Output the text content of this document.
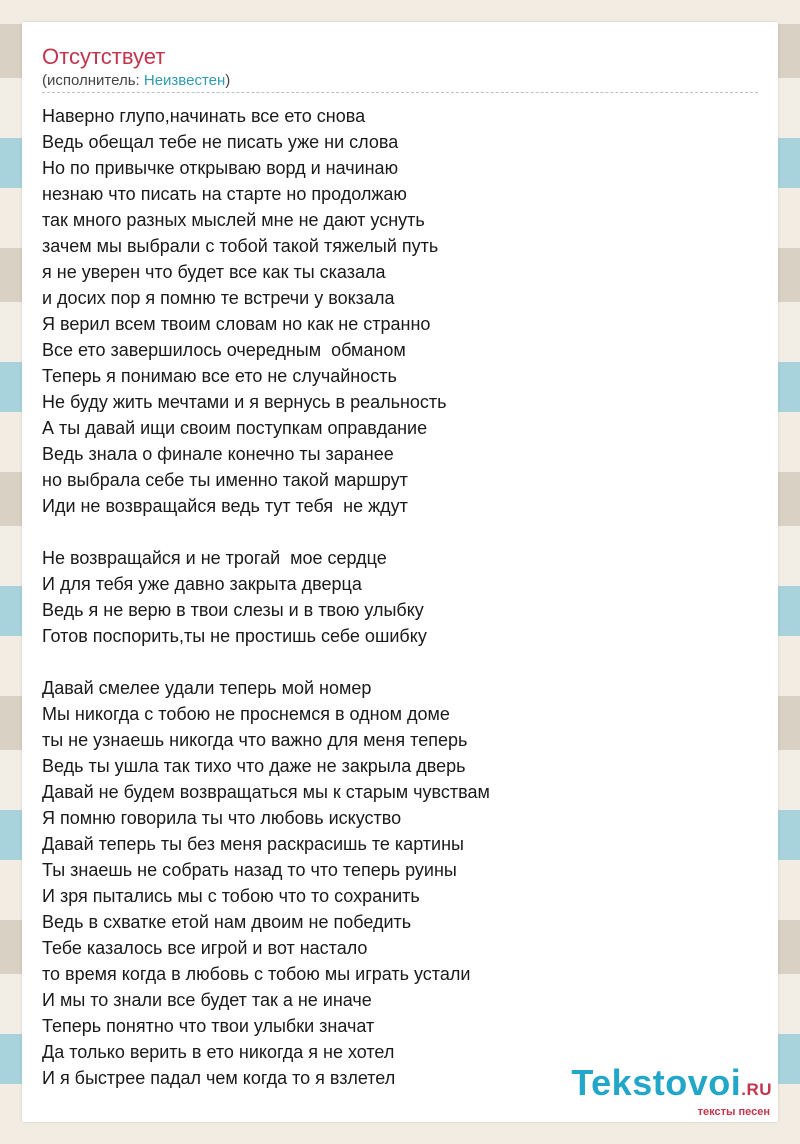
Отсутствует
(исполнитель: Неизвестен)
Наверно глупо,начинать все ето снова
Ведь обещал тебе не писать уже ни слова
Но по привычке открываю ворд и начинаю
незнаю что писать на старте но продолжаю
так много разных мыслей мне не дают уснуть
зачем мы выбрали с тобой такой тяжелый путь
я не уверен что будет все как ты сказала
и досих пор я помню те встречи у вокзала
Я верил всем твоим словам но как не странно
Все ето завершилось очередным  обманом
Теперь я понимаю все ето не случайность
Не буду жить мечтами и я вернусь в реальность
А ты давай ищи своим поступкам оправдание
Ведь знала о финале конечно ты заранее
но выбрала себе ты именно такой маршрут
Иди не возвращайся ведь тут тебя  не ждут
Не возвращайся и не трогай  мое сердце
И для тебя уже давно закрыта дверца
Ведь я не верю в твои слезы и в твою улыбку
Готов поспорить,ты не простишь себе ошибку
Давай смелее удали теперь мой номер
Мы никогда с тобою не проснемся в одном доме
ты не узнаешь никогда что важно для меня теперь
Ведь ты ушла так тихо что даже не закрыла дверь
Давай не будем возвращаться мы к старым чувствам
Я помню говорила ты что любовь искуство
Давай теперь ты без меня раскрасишь те картины
Ты знаешь не собрать назад то что теперь руины
И зря пытались мы с тобою что то сохранить
Ведь в схватке етой нам двоим не победить
Тебе казалось все игрой и вот настало
то время когда в любовь с тобою мы играть устали
И мы то знали все будет так а не иначе
Теперь понятно что твои улыбки значат
Да только верить в ето никогда я не хотел
И я быстрее падал чем когда то я взлетел	Tekstovoi.RU
тексты песен
